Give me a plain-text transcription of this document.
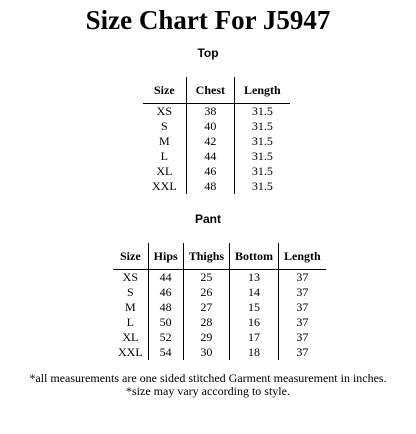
Size Chart For J5947
Top
Size	Chest	Length
XS	38	31.5
S	40	31.5
M	42	31.5
L	44	31.5
XL	46	31.5
XXL	48	31.5
Pant
Size	Hips	Thighs	Bottom	Length
XS	44	25	13	37
S	46	26	14	37
M	48	27	15	37
L	50	28	16	37
XL	52	29	17	37
XXL	54	30	18	37
*all measurements are one sided stitched Garment measurement in inches.
*size may vary according to style.
